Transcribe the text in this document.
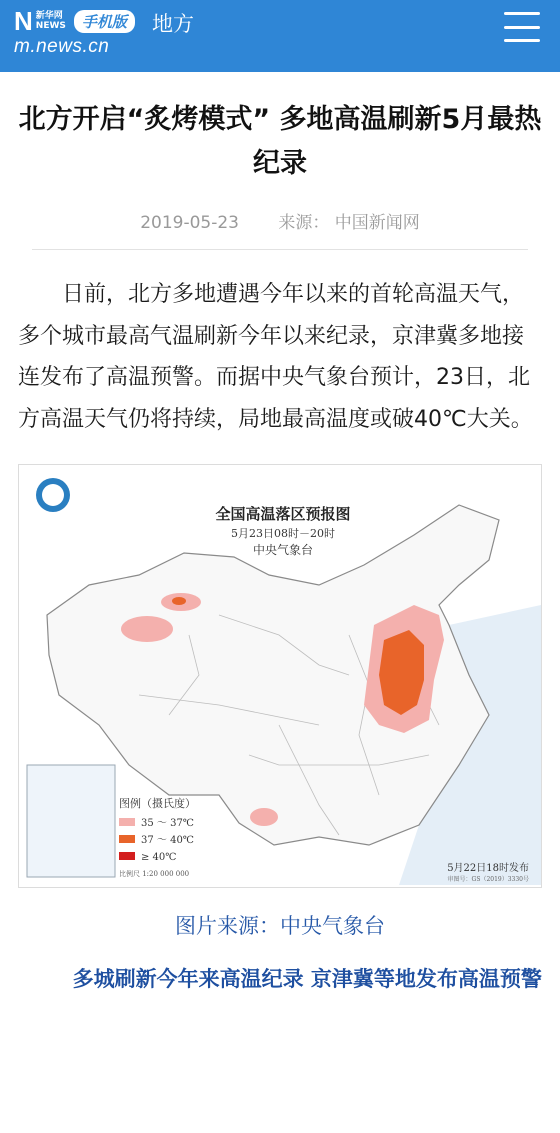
N 新华网
NEWS	手机版
m.news.cn
地方
北方开启“炙烤模式” 多地高温刷新5月最热纪录
2019-05-23 来源： 中国新闻网

日前，北方多地遭遇今年以来的首轮高温天气，多个城市最高气温刷新今年以来纪录，京津冀多地接连发布了高温预警。而据中央气象台预计，23日，北方高温天气仍将持续，局地最高温度或破40℃大关。

全国高温落区预报图
5月23日08时－20时
中央气象台
图例（摄氏度）
35 ～ 37℃
37 ～ 40℃
≥ 40℃
比例尺 1:20 000 000	5月22日18时发布
审图号：GS（2019）3330号
图片来源：中央气象台
多城刷新今年来高温纪录 京津冀等地发布高温预警
